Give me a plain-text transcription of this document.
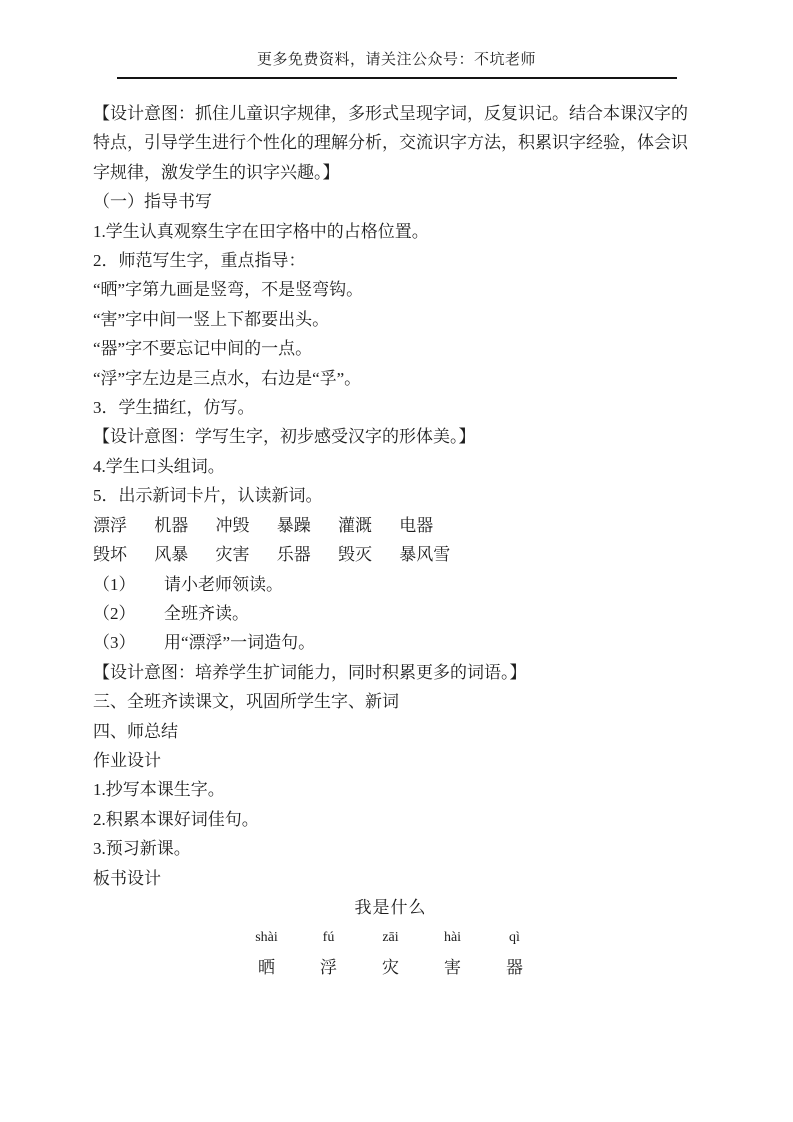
更多免费资料，请关注公众号：不坑老师

【设计意图：抓住儿童识字规律，多形式呈现字词，反复识记。结合本课汉字的特点，引导学生进行个性化的理解分析，交流识字方法，积累识字经验，体会识字规律，激发学生的识字兴趣。】

（一）指导书写

1.学生认真观察生字在田字格中的占格位置。

2．师范写生字，重点指导：

“晒”字第九画是竖弯，不是竖弯钩。

“害”字中间一竖上下都要出头。

“器”字不要忘记中间的一点。

“浮”字左边是三点水，右边是“孚”。

3．学生描红，仿写。

【设计意图：学写生字，初步感受汉字的形体美。】

4.学生口头组词。

5．出示新词卡片，认读新词。

漂浮 机器 冲毁 暴躁 灌溉 电器

毁坏 风暴 灾害 乐器 毁灭 暴风雪

（1） 请小老师领读。

（2） 全班齐读。

（3） 用“漂浮”一词造句。

【设计意图：培养学生扩词能力，同时积累更多的词语。】

三、全班齐读课文，巩固所学生字、新词

四、师总结

作业设计

1.抄写本课生字。

2.积累本课好词佳句。

3.预习新课。

板书设计

我是什么

shài	fú	zāi	hài	qì
晒	浮	灾	害	器
